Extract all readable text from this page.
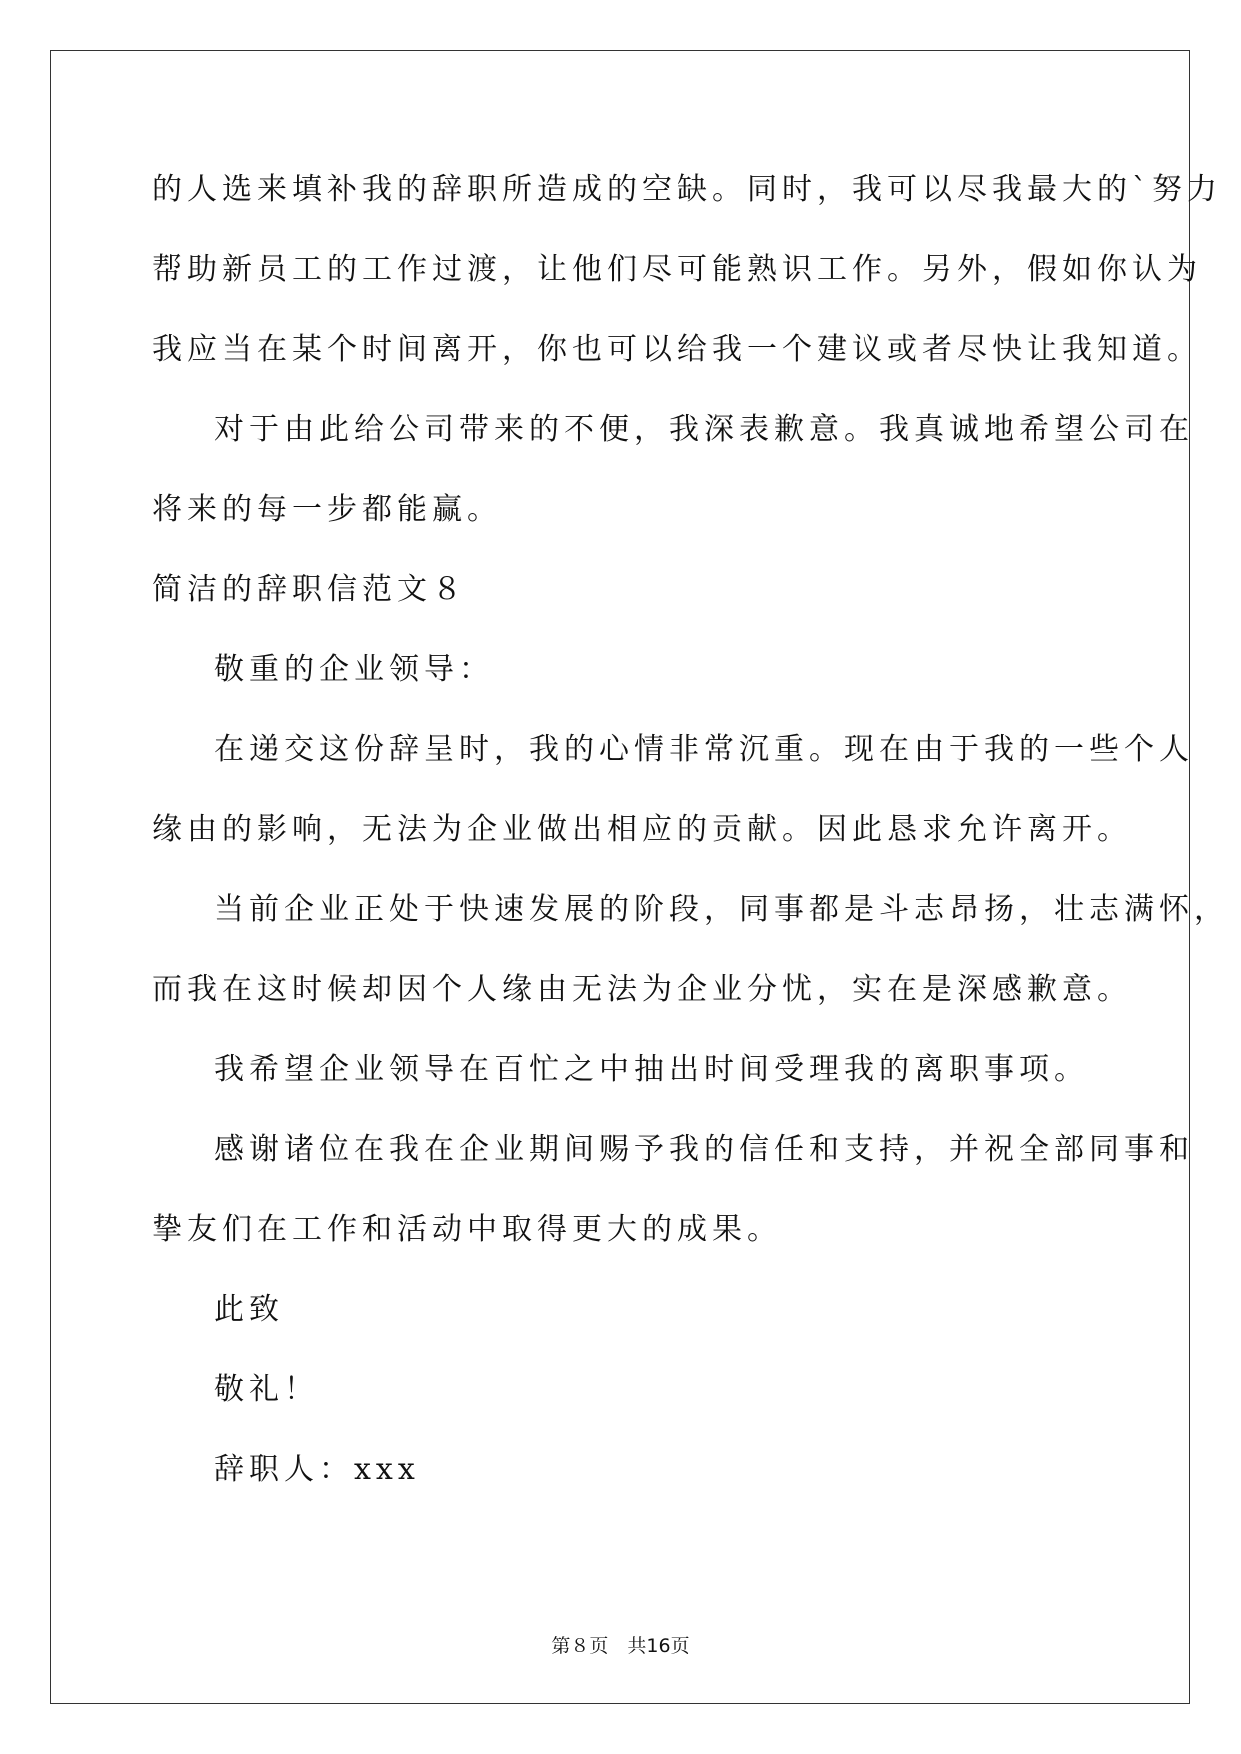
的人选来填补我的辞职所造成的空缺。同时，我可以尽我最大的`努力
帮助新员工的工作过渡，让他们尽可能熟识工作。另外，假如你认为
我应当在某个时间离开，你也可以给我一个建议或者尽快让我知道。
对于由此给公司带来的不便，我深表歉意。我真诚地希望公司在
将来的每一步都能赢。
简洁的辞职信范文８
敬重的企业领导：
在递交这份辞呈时，我的心情非常沉重。现在由于我的一些个人
缘由的影响，无法为企业做出相应的贡献。因此恳求允许离开。
当前企业正处于快速发展的阶段，同事都是斗志昂扬，壮志满怀，
而我在这时候却因个人缘由无法为企业分忧，实在是深感歉意。
我希望企业领导在百忙之中抽出时间受理我的离职事项。
感谢诸位在我在企业期间赐予我的信任和支持，并祝全部同事和
挚友们在工作和活动中取得更大的成果。
此致
敬礼！
辞职人：xxx
第８页　共16页
